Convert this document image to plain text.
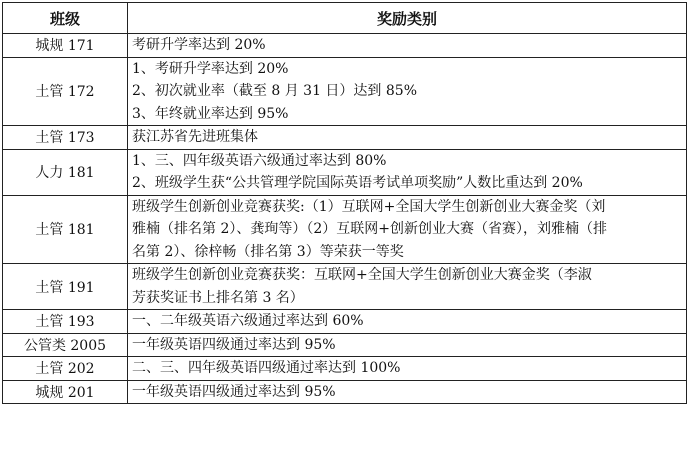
班级	奖励类别
城规 171	考研升学率达到 20%

土管 172	1、考研升学率达到 20%
2、初次就业率（截至 8 月 31 日）达到 85%
3、年终就业率达到 95%

土管 173	获江苏省先进班集体

人力 181	1、三、四年级英语六级通过率达到 80%
2、班级学生获“公共管理学院国际英语考试单项奖励”人数比重达到 20%

土管 181	班级学生创新创业竞赛获奖:（1）互联网+全国大学生创新创业大赛金奖（刘
雅楠（排名第 2）、龚珣等）（2）互联网+创新创业大赛（省赛），刘雅楠（排
名第 2）、徐梓畅（排名第 3）等荣获一等奖

土管 191	班级学生创新创业竞赛获奖：互联网+全国大学生创新创业大赛金奖（李淑
芳获奖证书上排名第 3 名）

土管 193	一、二年级英语六级通过率达到 60%

公管类 2005	一年级英语四级通过率达到 95%

土管 202	二、三、四年级英语四级通过率达到 100%

城规 201	一年级英语四级通过率达到 95%
